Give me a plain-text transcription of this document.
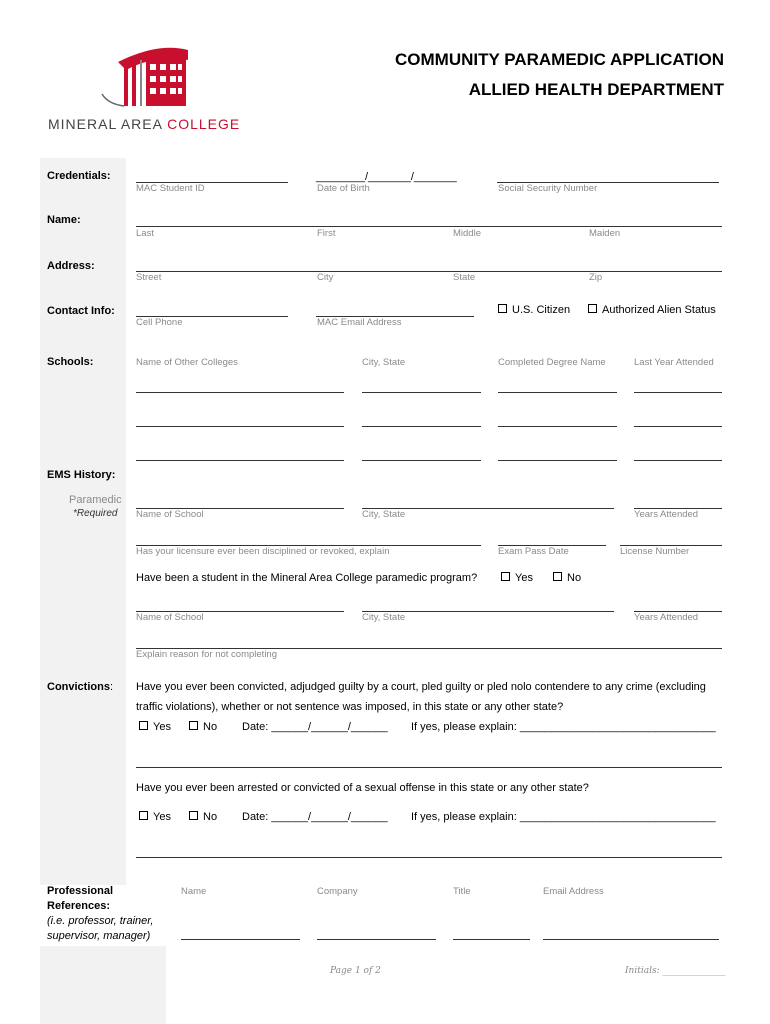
MINERAL AREA COLLEGE
COMMUNITY PARAMEDIC APPLICATION
ALLIED HEALTH DEPARTMENT
Credentials:	________/_______/_______
MAC Student ID	Date of Birth	Social Security Number
Name:
Last	First	Middle	Maiden
Address:
Street	City	State	Zip
Contact Info:
Cell Phone	MAC Email Address
U.S. Citizen	Authorized Alien Status
Schools:	Name of Other Colleges	City, State	Completed Degree Name	Last Year Attended
EMS History:
Paramedic
*Required Name of School	City, State	Years Attended
Has your licensure ever been disciplined or revoked, explain	Exam Pass Date	License Number
Have been a student in the Mineral Area College paramedic program?	Yes	No
Name of School	City, State	Years Attended
Explain reason for not completing
Convictions: Have you ever been convicted, adjudged guilty by a court, pled guilty or pled nolo contendere to any crime (excluding
traffic violations), whether or not sentence was imposed, in this state or any other state?
Yes	No Date: ______/______/______ If yes, please explain: ________________________________
Have you ever been arrested or convicted of a sexual offense in this state or any other state?
Yes	No Date: ______/______/______ If yes, please explain: ________________________________
Professional
References:
(i.e. professor, trainer,
supervisor, manager)
Name	Company	Title	Email Address
Page 1 of 2	Initials: ______________
